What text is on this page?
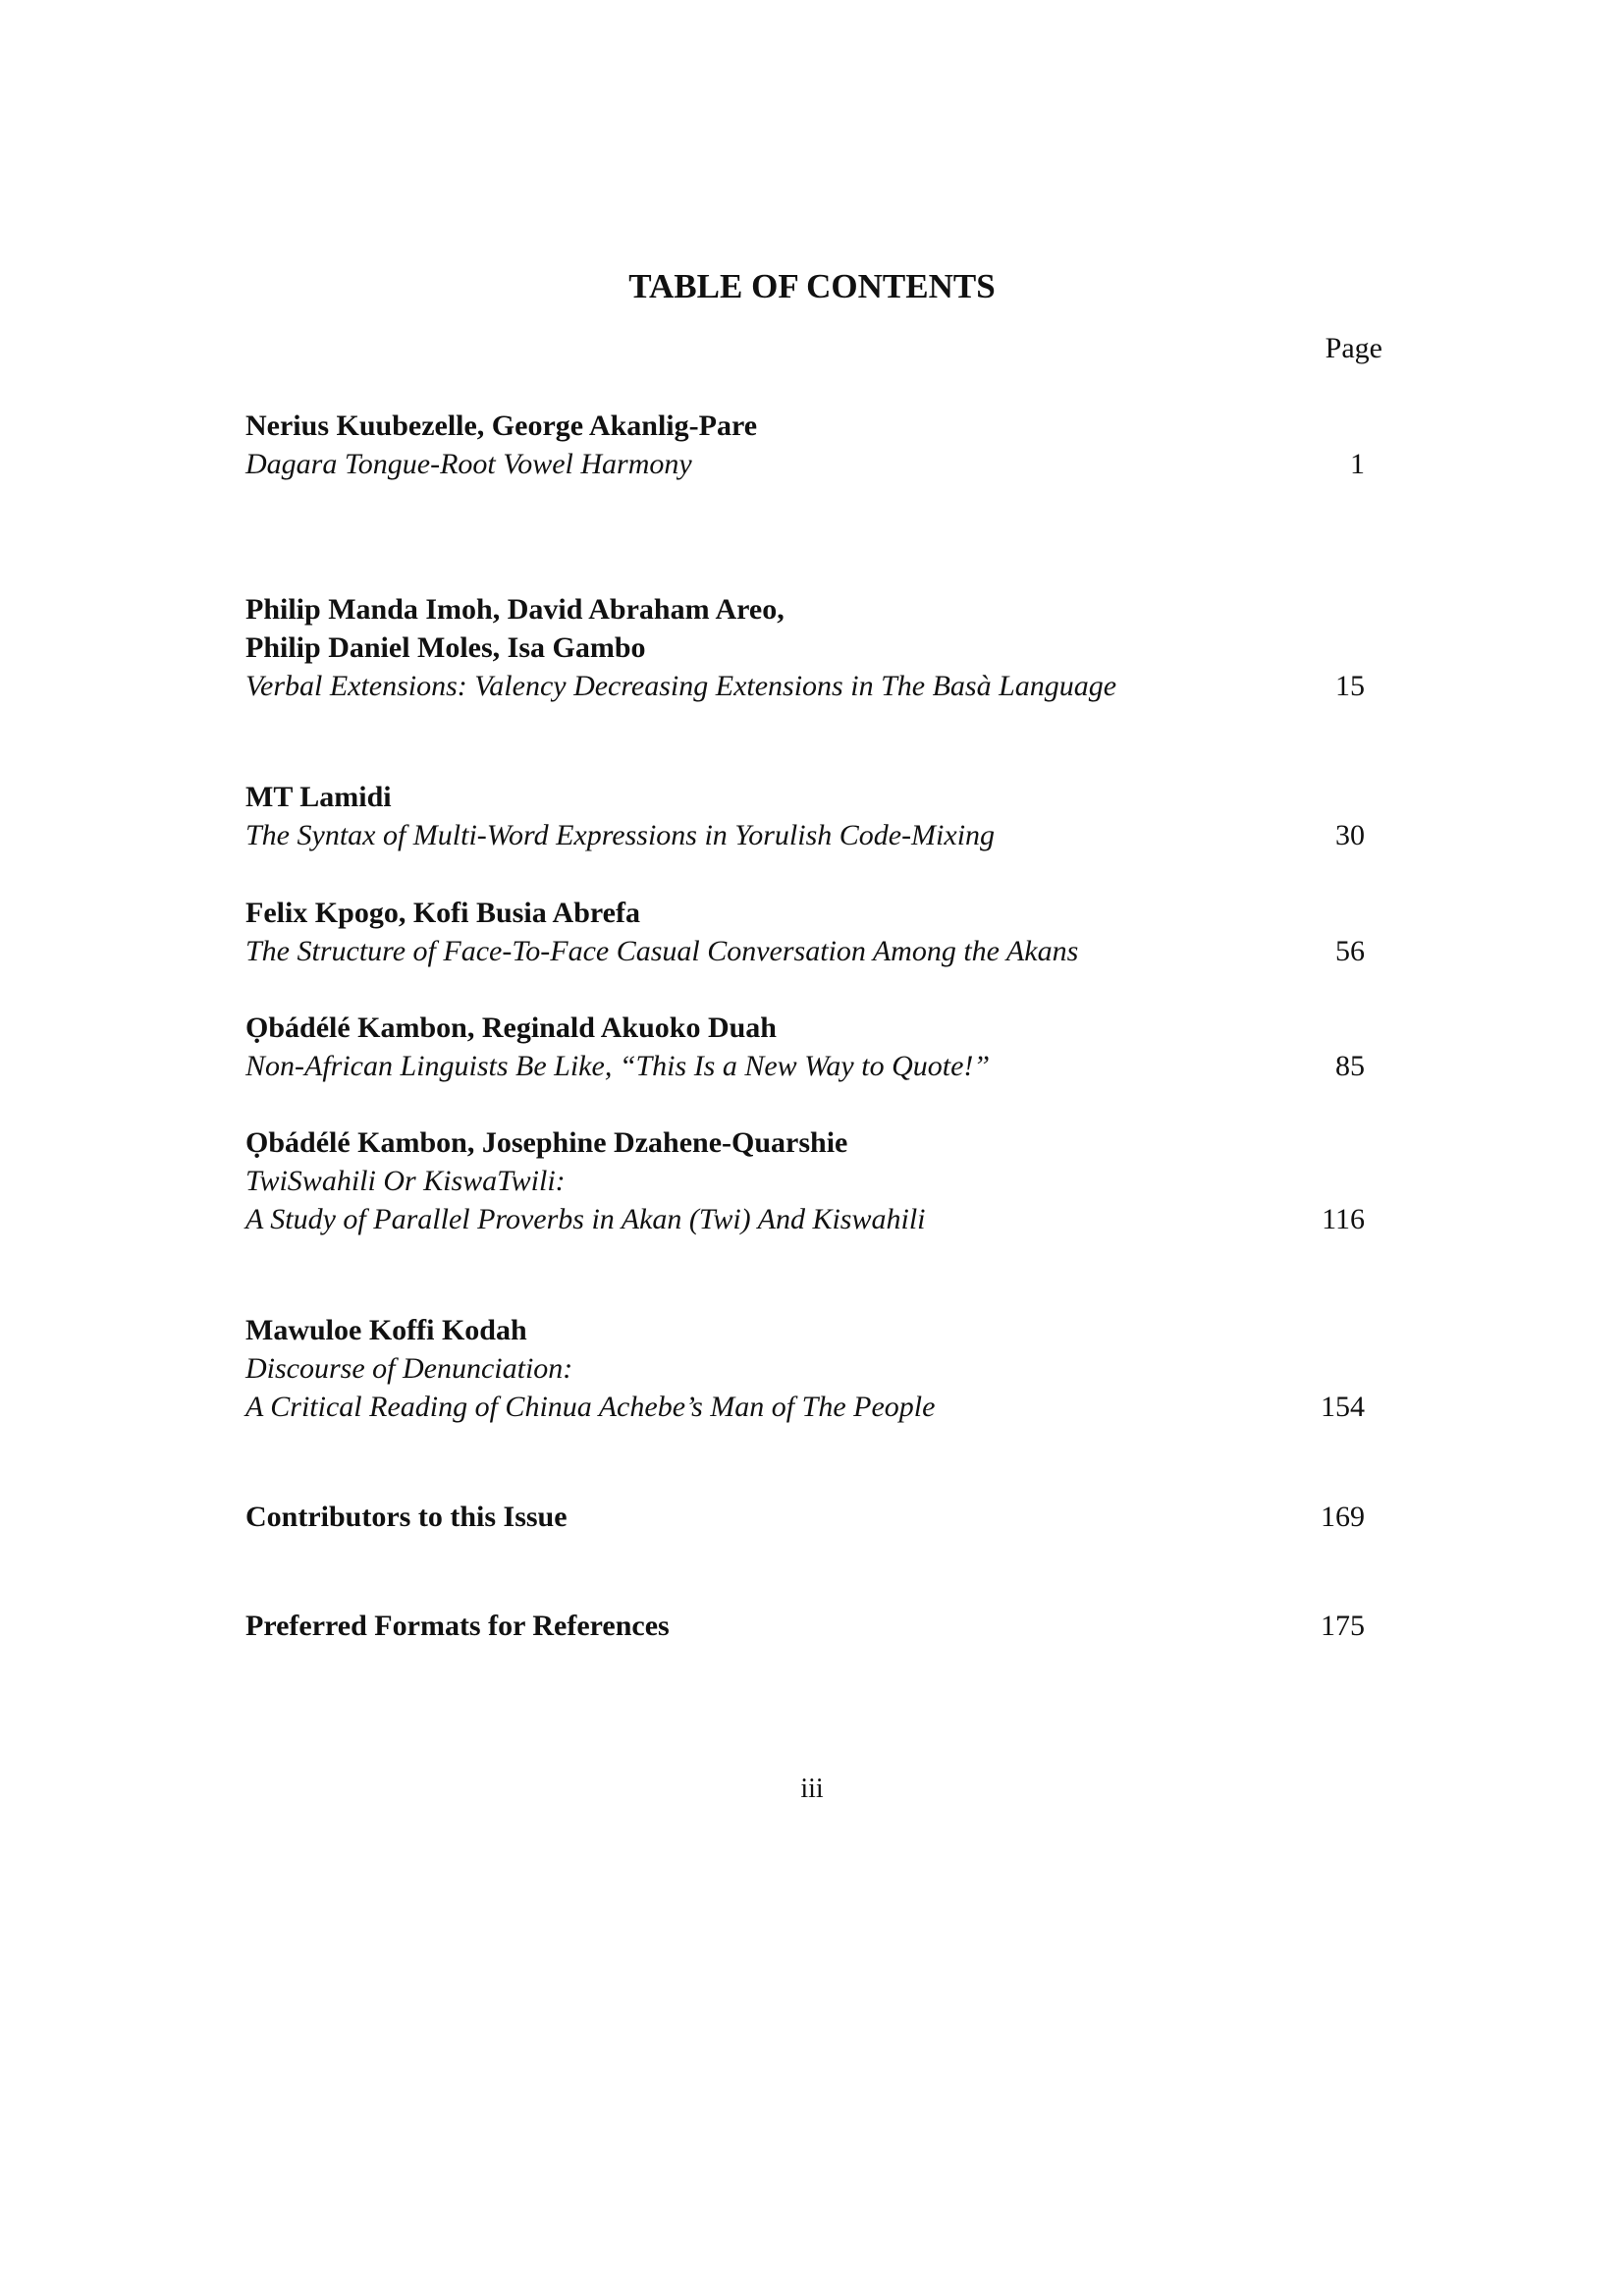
TABLE OF CONTENTS
Page
Nerius Kuubezelle, George Akanlig-Pare
Dagara Tongue-Root Vowel Harmony	1
Philip Manda Imoh, David Abraham Areo,
Philip Daniel Moles, Isa Gambo
Verbal Extensions: Valency Decreasing Extensions in The Basà Language	15
MT Lamidi
The Syntax of Multi-Word Expressions in Yorulish Code-Mixing	30
Felix Kpogo, Kofi Busia Abrefa
The Structure of Face-To-Face Casual Conversation Among the Akans	56
Ọbádélé Kambon, Reginald Akuoko Duah
Non-African Linguists Be Like, “This Is a New Way to Quote!”	85
Ọbádélé Kambon, Josephine Dzahene-Quarshie
TwiSwahili Or KiswaTwili:
A Study of Parallel Proverbs in Akan (Twi) And Kiswahili	116
Mawuloe Koffi Kodah
Discourse of Denunciation:
A Critical Reading of Chinua Achebe’s Man of The People	154
Contributors to this Issue	169
Preferred Formats for References	175
iii
